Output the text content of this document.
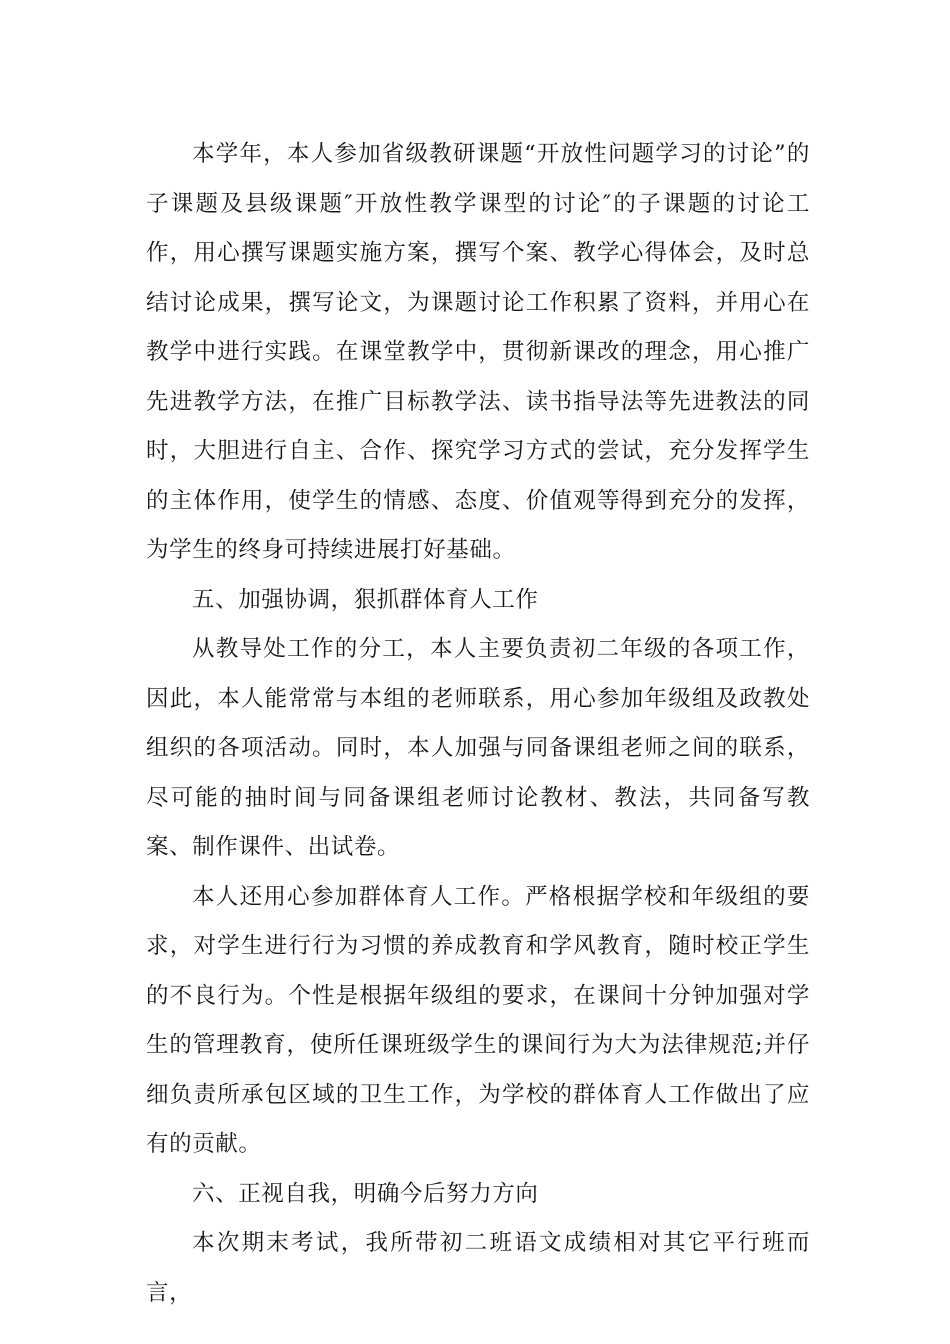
本学年，本人参加省级教研课题“开放性问题学习的讨论”的子课题及县级课题″开放性教学课型的讨论″的子课题的讨论工作，用心撰写课题实施方案，撰写个案、教学心得体会，及时总结讨论成果，撰写论文，为课题讨论工作积累了资料，并用心在教学中进行实践。在课堂教学中，贯彻新课改的理念，用心推广先进教学方法，在推广目标教学法、读书指导法等先进教法的同时，大胆进行自主、合作、探究学习方式的尝试，充分发挥学生的主体作用，使学生的情感、态度、价值观等得到充分的发挥，为学生的终身可持续进展打好基础。

五、加强协调，狠抓群体育人工作

从教导处工作的分工，本人主要负责初二年级的各项工作，因此，本人能常常与本组的老师联系，用心参加年级组及政教处组织的各项活动。同时，本人加强与同备课组老师之间的联系，尽可能的抽时间与同备课组老师讨论教材、教法，共同备写教案、制作课件、出试卷。

本人还用心参加群体育人工作。严格根据学校和年级组的要求，对学生进行行为习惯的养成教育和学风教育，随时校正学生的不良行为。个性是根据年级组的要求，在课间十分钟加强对学生的管理教育，使所任课班级学生的课间行为大为法律规范;并仔细负责所承包区域的卫生工作，为学校的群体育人工作做出了应有的贡献。

六、正视自我，明确今后努力方向

本次期末考试，我所带初二班语文成绩相对其它平行班而言，
